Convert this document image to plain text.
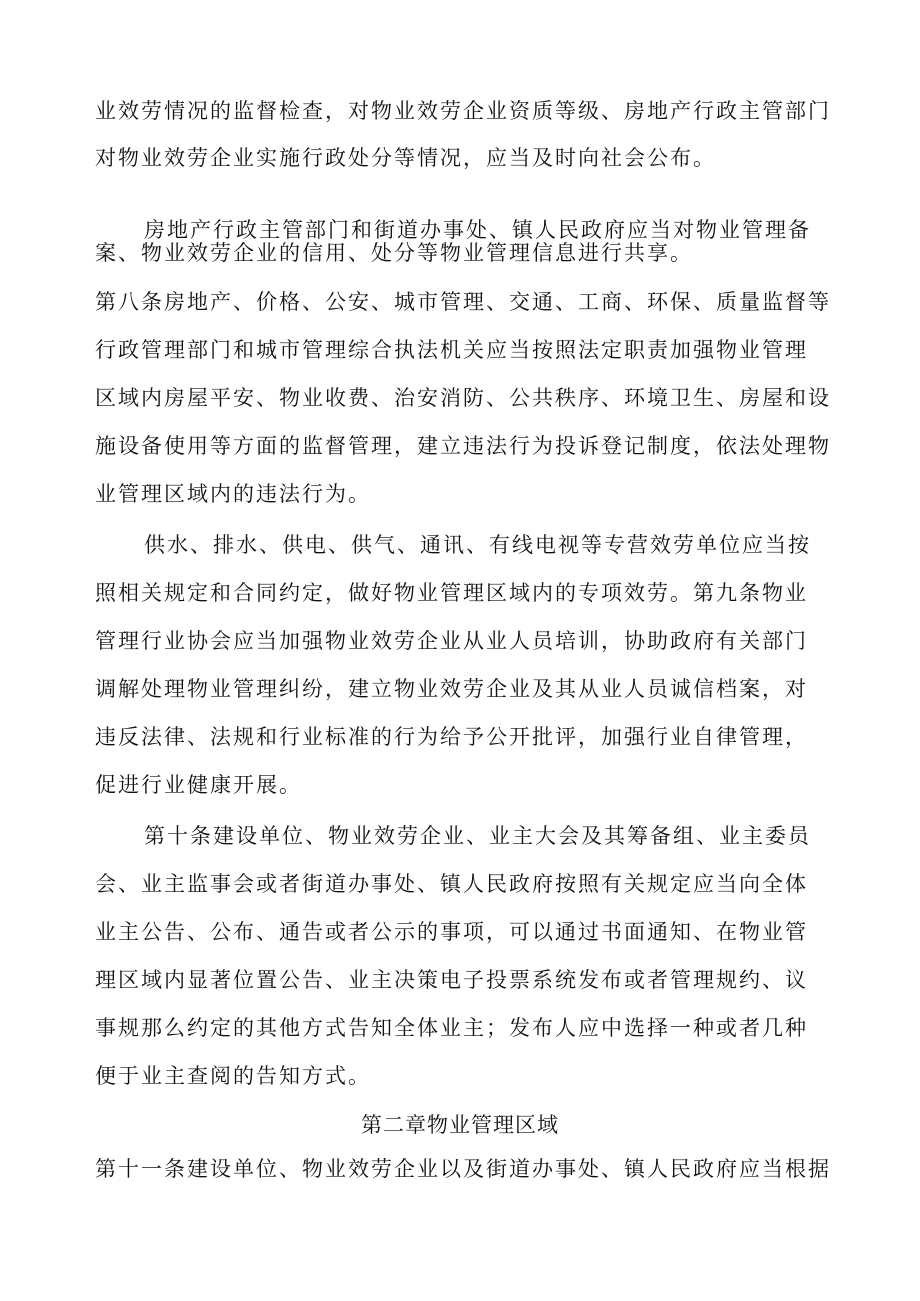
业效劳情况的监督检查，对物业效劳企业资质等级、房地产行政主管部门
对物业效劳企业实施行政处分等情况，应当及时向社会公布。
房地产行政主管部门和街道办事处、镇人民政府应当对物业管理备
案、物业效劳企业的信用、处分等物业管理信息进行共享。
第八条房地产、价格、公安、城市管理、交通、工商、环保、质量监督等
行政管理部门和城市管理综合执法机关应当按照法定职责加强物业管理
区域内房屋平安、物业收费、治安消防、公共秩序、环境卫生、房屋和设
施设备使用等方面的监督管理，建立违法行为投诉登记制度，依法处理物
业管理区域内的违法行为。
供水、排水、供电、供气、通讯、有线电视等专营效劳单位应当按
照相关规定和合同约定，做好物业管理区域内的专项效劳。第九条物业
管理行业协会应当加强物业效劳企业从业人员培训，协助政府有关部门
调解处理物业管理纠纷，建立物业效劳企业及其从业人员诚信档案，对
违反法律、法规和行业标准的行为给予公开批评，加强行业自律管理，
促进行业健康开展。
第十条建设单位、物业效劳企业、业主大会及其筹备组、业主委员
会、业主监事会或者街道办事处、镇人民政府按照有关规定应当向全体
业主公告、公布、通告或者公示的事项，可以通过书面通知、在物业管
理区域内显著位置公告、业主决策电子投票系统发布或者管理规约、议
事规那么约定的其他方式告知全体业主；发布人应中选择一种或者几种
便于业主查阅的告知方式。
第二章物业管理区域
第十一条建设单位、物业效劳企业以及街道办事处、镇人民政府应当根据
